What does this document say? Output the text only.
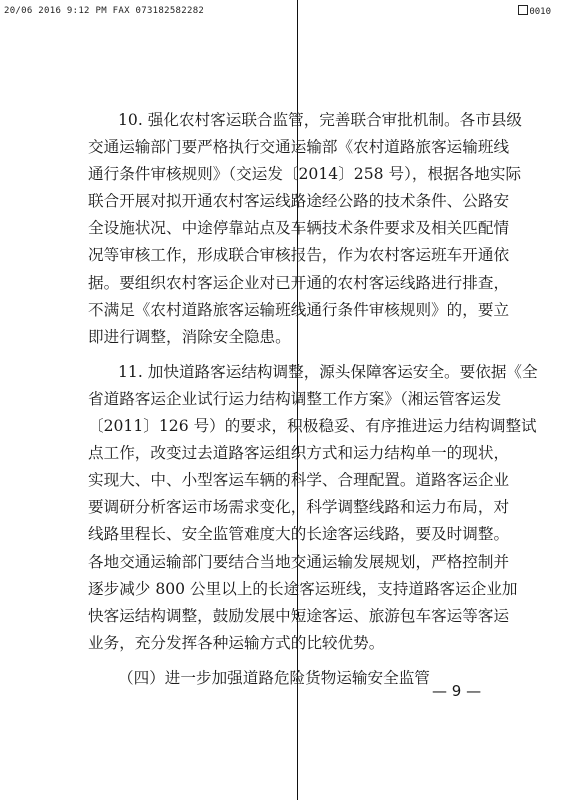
20/06 2016 9:12 PM FAX 073182582282	0010
10. 强化农村客运联合监管，完善联合审批机制。各市县级
交通运输部门要严格执行交通运输部《农村道路旅客运输班线
通行条件审核规则》（交运发〔2014〕258 号），根据各地实际
联合开展对拟开通农村客运线路途经公路的技术条件、公路安
全设施状况、中途停靠站点及车辆技术条件要求及相关匹配情
况等审核工作，形成联合审核报告，作为农村客运班车开通依
据。要组织农村客运企业对已开通的农村客运线路进行排查，
不满足《农村道路旅客运输班线通行条件审核规则》的，要立
即进行调整，消除安全隐患。
11. 加快道路客运结构调整，源头保障客运安全。要依据《全
省道路客运企业试行运力结构调整工作方案》（湘运管客运发
〔2011〕126 号）的要求，积极稳妥、有序推进运力结构调整试
点工作，改变过去道路客运组织方式和运力结构单一的现状，
实现大、中、小型客运车辆的科学、合理配置。道路客运企业
要调研分析客运市场需求变化，科学调整线路和运力布局，对
线路里程长、安全监管难度大的长途客运线路，要及时调整。
各地交通运输部门要结合当地交通运输发展规划，严格控制并
逐步减少 800 公里以上的长途客运班线，支持道路客运企业加
快客运结构调整，鼓励发展中短途客运、旅游包车客运等客运
业务，充分发挥各种运输方式的比较优势。
（四）进一步加强道路危险货物运输安全监管
— 9 —
